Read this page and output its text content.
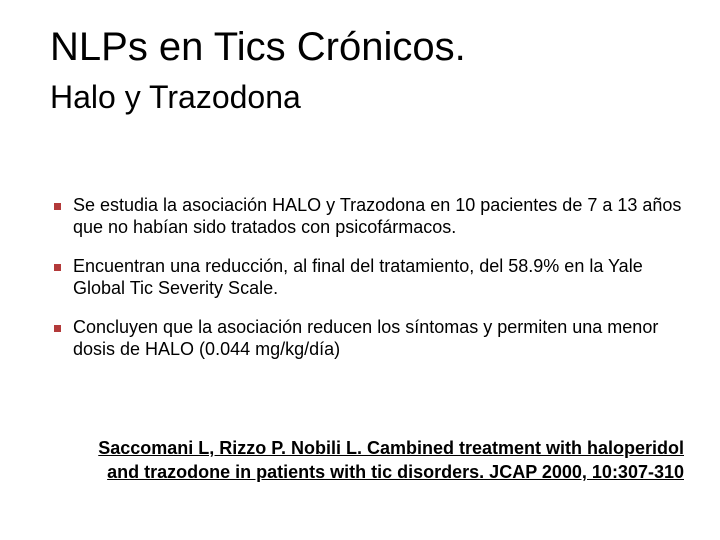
NLPs en Tics Crónicos.
Halo y Trazodona
Se estudia la asociación HALO y Trazodona en 10 pacientes de 7 a 13 años que no habían sido tratados con psicofármacos.
Encuentran una reducción, al final del tratamiento, del 58.9% en la Yale Global Tic Severity Scale.
Concluyen que la asociación reducen los síntomas y permiten una menor dosis de HALO (0.044 mg/kg/día)
Saccomani L, Rizzo P. Nobili L. Cambined treatment with haloperidol and trazodone in patients with tic disorders. JCAP 2000, 10:307-310
